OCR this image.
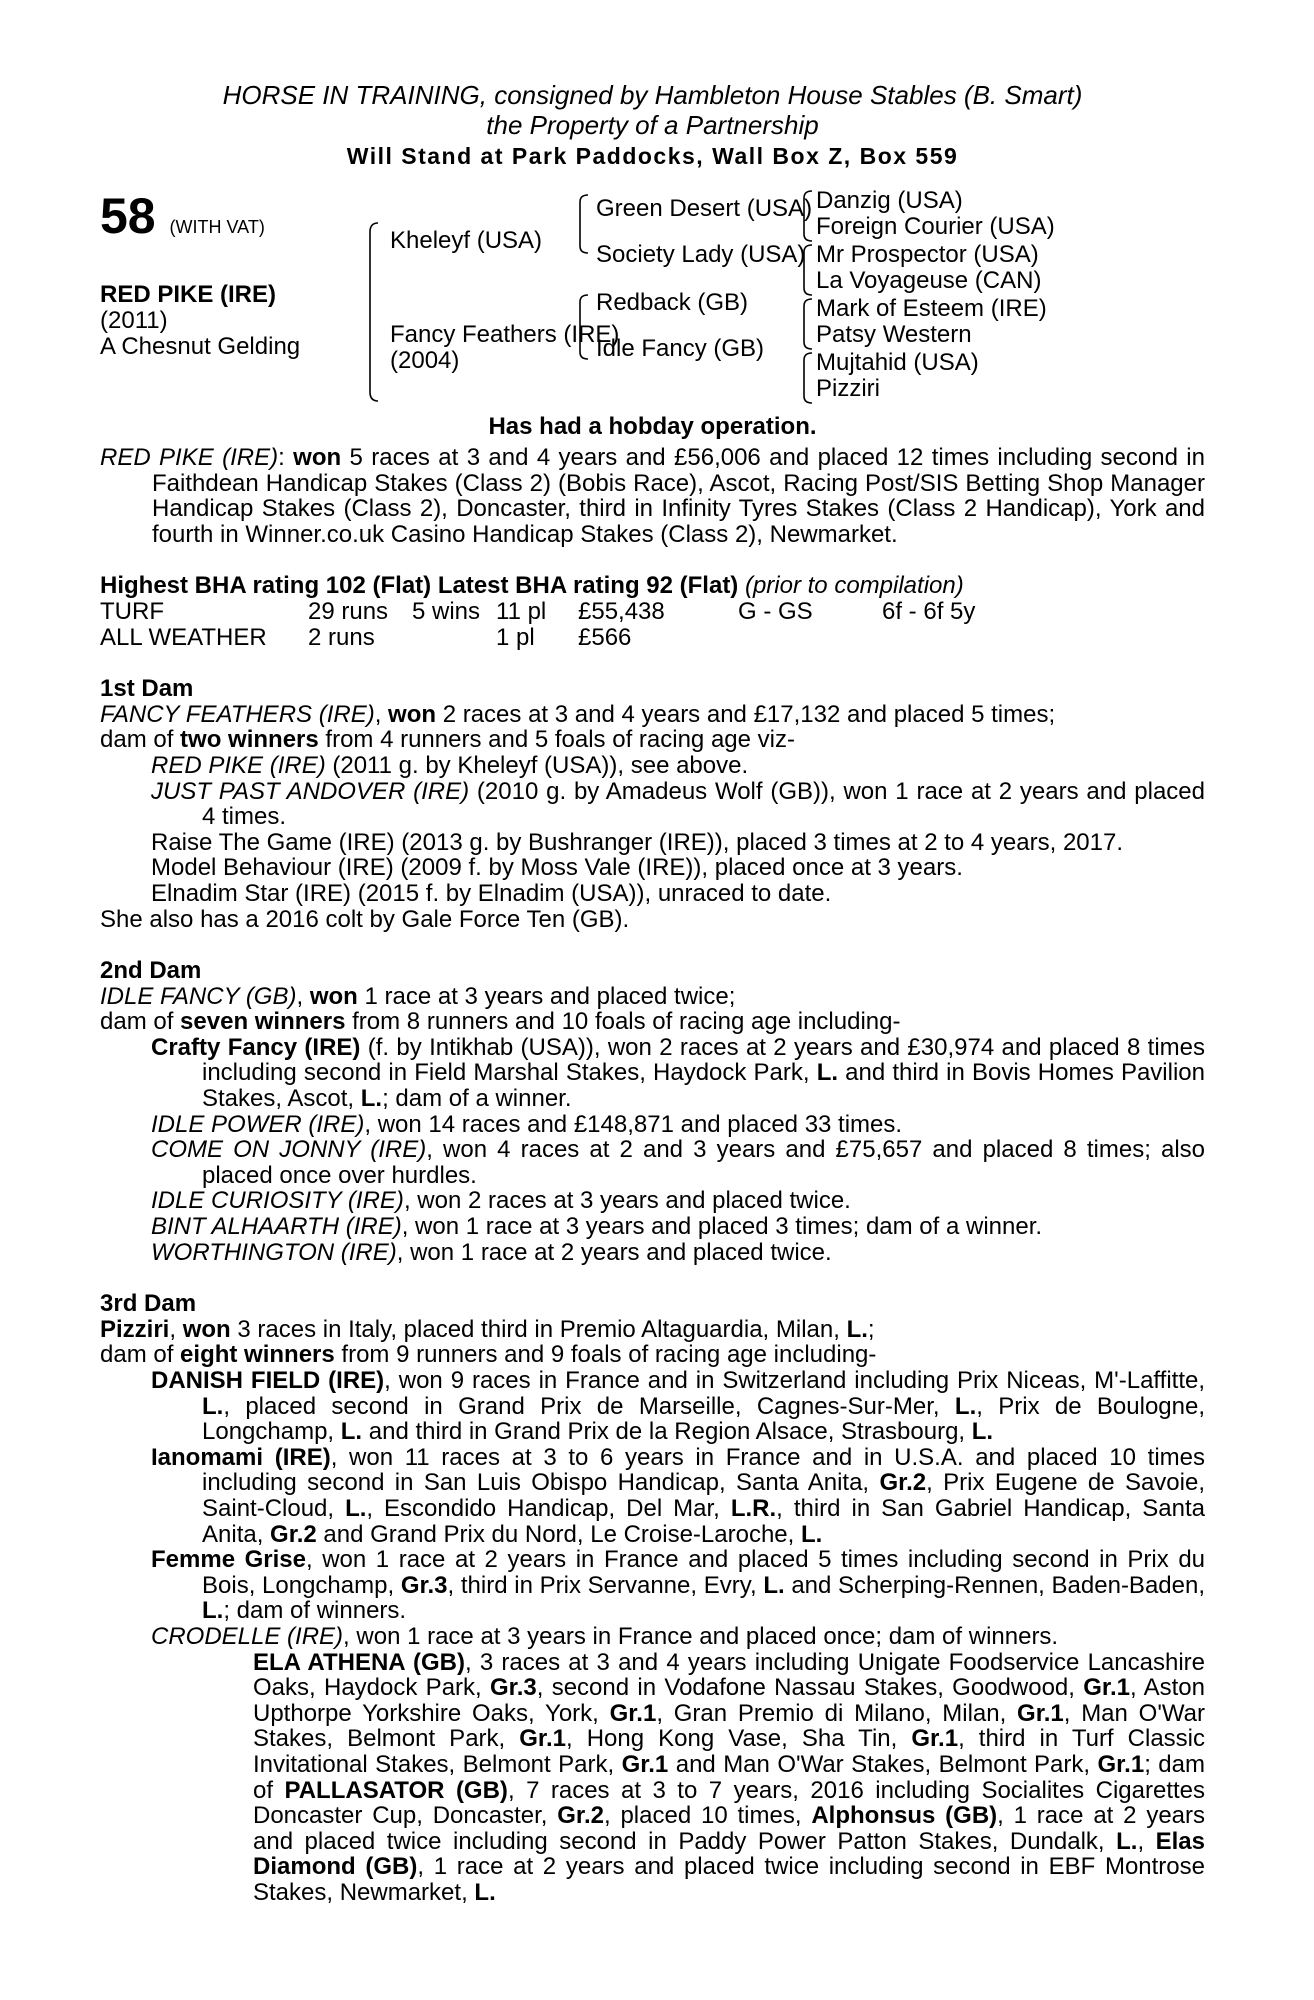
HORSE IN TRAINING, consigned by Hambleton House Stables (B. Smart)
the Property of a Partnership
Will Stand at Park Paddocks, Wall Box Z, Box 559
58 (WITH VAT)
RED PIKE (IRE)
(2011)
A Chesnut Gelding
Kheleyf (USA)
Fancy Feathers (IRE)
(2004)
Green Desert (USA)
Society Lady (USA)
Redback (GB)
Idle Fancy (GB)
Danzig (USA)
Foreign Courier (USA)
Mr Prospector (USA)
La Voyageuse (CAN)
Mark of Esteem (IRE)
Patsy Western
Mujtahid (USA)
Pizziri
Has had a hobday operation.

RED PIKE (IRE): won 5 races at 3 and 4 years and £56,006 and placed 12 times including second in Faithdean Handicap Stakes (Class 2) (Bobis Race), Ascot, Racing Post/SIS Betting Shop Manager Handicap Stakes (Class 2), Doncaster, third in Infinity Tyres Stakes (Class 2 Handicap), York and fourth in Winner.co.uk Casino Handicap Stakes (Class 2), Newmarket.

Highest BHA rating 102 (Flat) Latest BHA rating 92 (Flat) (prior to compilation)
TURF	29 runs 5 wins 11 pl £55,438	G - GS	6f - 6f 5y
ALL WEATHER 2 runs	1 pl £566
1st Dam

FANCY FEATHERS (IRE), won 2 races at 3 and 4 years and £17,132 and placed 5 times;

dam of two winners from 4 runners and 5 foals of racing age viz-

RED PIKE (IRE) (2011 g. by Kheleyf (USA)), see above.

JUST PAST ANDOVER (IRE) (2010 g. by Amadeus Wolf (GB)), won 1 race at 2 years and placed 4 times.

Raise The Game (IRE) (2013 g. by Bushranger (IRE)), placed 3 times at 2 to 4 years, 2017.

Model Behaviour (IRE) (2009 f. by Moss Vale (IRE)), placed once at 3 years.

Elnadim Star (IRE) (2015 f. by Elnadim (USA)), unraced to date.

She also has a 2016 colt by Gale Force Ten (GB).

2nd Dam

IDLE FANCY (GB), won 1 race at 3 years and placed twice;

dam of seven winners from 8 runners and 10 foals of racing age including-

Crafty Fancy (IRE) (f. by Intikhab (USA)), won 2 races at 2 years and £30,974 and placed 8 times including second in Field Marshal Stakes, Haydock Park, L. and third in Bovis Homes Pavilion Stakes, Ascot, L.; dam of a winner.

IDLE POWER (IRE), won 14 races and £148,871 and placed 33 times.

COME ON JONNY (IRE), won 4 races at 2 and 3 years and £75,657 and placed 8 times; also placed once over hurdles.

IDLE CURIOSITY (IRE), won 2 races at 3 years and placed twice.

BINT ALHAARTH (IRE), won 1 race at 3 years and placed 3 times; dam of a winner.

WORTHINGTON (IRE), won 1 race at 2 years and placed twice.

3rd Dam

Pizziri, won 3 races in Italy, placed third in Premio Altaguardia, Milan, L.;

dam of eight winners from 9 runners and 9 foals of racing age including-

DANISH FIELD (IRE), won 9 races in France and in Switzerland including Prix Niceas, M'-Laffitte, L., placed second in Grand Prix de Marseille, Cagnes-Sur-Mer, L., Prix de Boulogne, Longchamp, L. and third in Grand Prix de la Region Alsace, Strasbourg, L.

Ianomami (IRE), won 11 races at 3 to 6 years in France and in U.S.A. and placed 10 times including second in San Luis Obispo Handicap, Santa Anita, Gr.2, Prix Eugene de Savoie, Saint-Cloud, L., Escondido Handicap, Del Mar, L.R., third in San Gabriel Handicap, Santa Anita, Gr.2 and Grand Prix du Nord, Le Croise-Laroche, L.

Femme Grise, won 1 race at 2 years in France and placed 5 times including second in Prix du Bois, Longchamp, Gr.3, third in Prix Servanne, Evry, L. and Scherping-Rennen, Baden-Baden, L.; dam of winners.

CRODELLE (IRE), won 1 race at 3 years in France and placed once; dam of winners.

ELA ATHENA (GB), 3 races at 3 and 4 years including Unigate Foodservice Lancashire Oaks, Haydock Park, Gr.3, second in Vodafone Nassau Stakes, Goodwood, Gr.1, Aston Upthorpe Yorkshire Oaks, York, Gr.1, Gran Premio di Milano, Milan, Gr.1, Man O'War Stakes, Belmont Park, Gr.1, Hong Kong Vase, Sha Tin, Gr.1, third in Turf Classic Invitational Stakes, Belmont Park, Gr.1 and Man O'War Stakes, Belmont Park, Gr.1; dam of PALLASATOR (GB), 7 races at 3 to 7 years, 2016 including Socialites Cigarettes Doncaster Cup, Doncaster, Gr.2, placed 10 times, Alphonsus (GB), 1 race at 2 years and placed twice including second in Paddy Power Patton Stakes, Dundalk, L., Elas Diamond (GB), 1 race at 2 years and placed twice including second in EBF Montrose Stakes, Newmarket, L.
